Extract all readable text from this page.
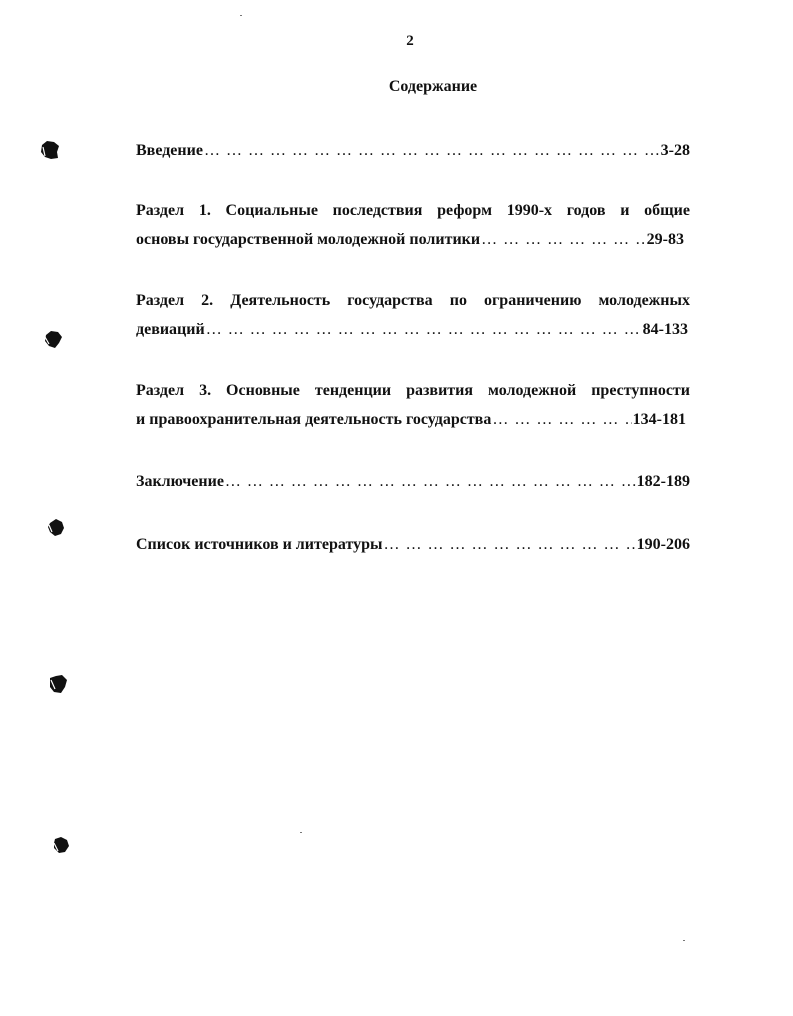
2
Содержание
Введение … … … … … … … … … … … … … … … … … … … … … … … … … … … … … … … … … … … … … … … … … … … … … … … …	3-28
Раздел 1. Социальные последствия реформ 1990-х годов и общие
основы государственной молодежной политики … … … … … … … … … … … … … … … … … … … … … … … … … … … … … … … … … … … … … … … … … … … … … … … …	29-83
Раздел 2. Деятельность государства по ограничению молодежных
девиаций … … … … … … … … … … … … … … … … … … … … … … … … … … … … … … … … … … … … … … … … … … … … … … … …	84-133
Раздел 3. Основные тенденции развития молодежной преступности
и правоохранительная деятельность государства … … … … … … … … … … … … … … … … … … … … … … … … … … … … … … … … … … … … … … … … … … … … … … … …	134-181
Заключение … … … … … … … … … … … … … … … … … … … … … … … … … … … … … … … … … … … … … … … … … … … … … … … …	182-189
Список источников и литературы … … … … … … … … … … … … … … … … … … … … … … … … … … … … … … … … … … … … … … … … … … … … … … … …	190-206
